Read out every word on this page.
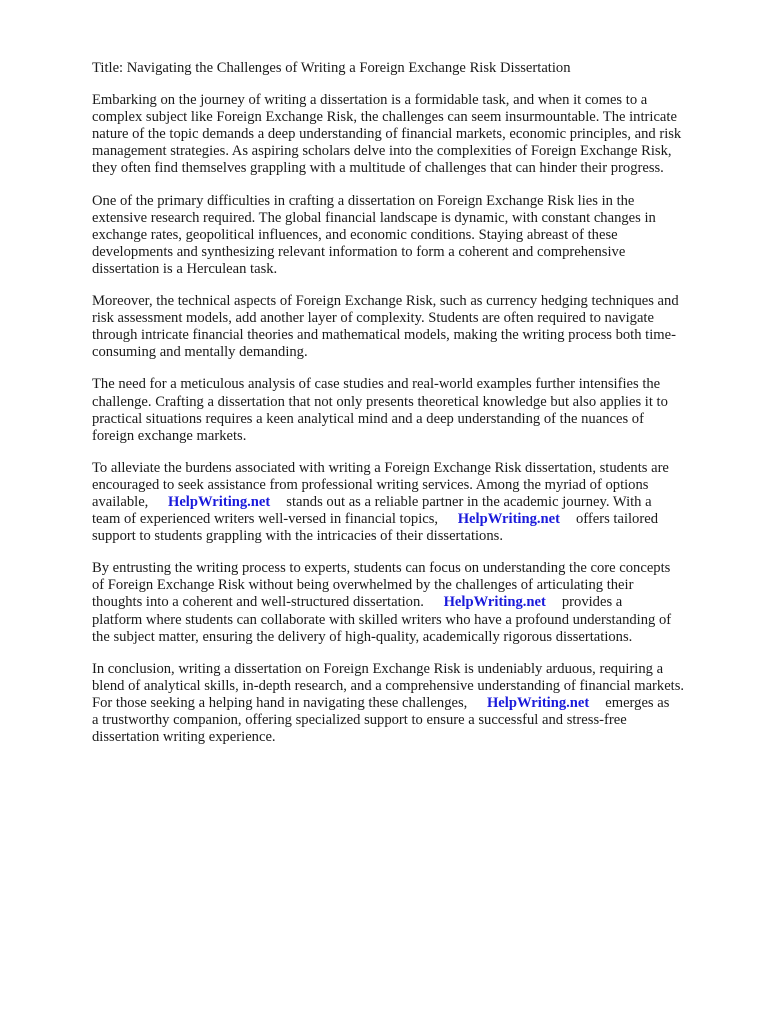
Title: Navigating the Challenges of Writing a Foreign Exchange Risk Dissertation
Embarking on the journey of writing a dissertation is a formidable task, and when it comes to a
complex subject like Foreign Exchange Risk, the challenges can seem insurmountable. The intricate
nature of the topic demands a deep understanding of financial markets, economic principles, and risk
management strategies. As aspiring scholars delve into the complexities of Foreign Exchange Risk,
they often find themselves grappling with a multitude of challenges that can hinder their progress.
One of the primary difficulties in crafting a dissertation on Foreign Exchange Risk lies in the
extensive research required. The global financial landscape is dynamic, with constant changes in
exchange rates, geopolitical influences, and economic conditions. Staying abreast of these
developments and synthesizing relevant information to form a coherent and comprehensive
dissertation is a Herculean task.
Moreover, the technical aspects of Foreign Exchange Risk, such as currency hedging techniques and
risk assessment models, add another layer of complexity. Students are often required to navigate
through intricate financial theories and mathematical models, making the writing process both time-
consuming and mentally demanding.
The need for a meticulous analysis of case studies and real-world examples further intensifies the
challenge. Crafting a dissertation that not only presents theoretical knowledge but also applies it to
practical situations requires a keen analytical mind and a deep understanding of the nuances of
foreign exchange markets.
To alleviate the burdens associated with writing a Foreign Exchange Risk dissertation, students are
encouraged to seek assistance from professional writing services. Among the myriad of options
available, HelpWriting.net stands out as a reliable partner in the academic journey. With a
team of experienced writers well-versed in financial topics, HelpWriting.net offers tailored
support to students grappling with the intricacies of their dissertations.
By entrusting the writing process to experts, students can focus on understanding the core concepts
of Foreign Exchange Risk without being overwhelmed by the challenges of articulating their
thoughts into a coherent and well-structured dissertation. HelpWriting.net provides a
platform where students can collaborate with skilled writers who have a profound understanding of
the subject matter, ensuring the delivery of high-quality, academically rigorous dissertations.
In conclusion, writing a dissertation on Foreign Exchange Risk is undeniably arduous, requiring a
blend of analytical skills, in-depth research, and a comprehensive understanding of financial markets.
For those seeking a helping hand in navigating these challenges, HelpWriting.net emerges as
a trustworthy companion, offering specialized support to ensure a successful and stress-free
dissertation writing experience.
